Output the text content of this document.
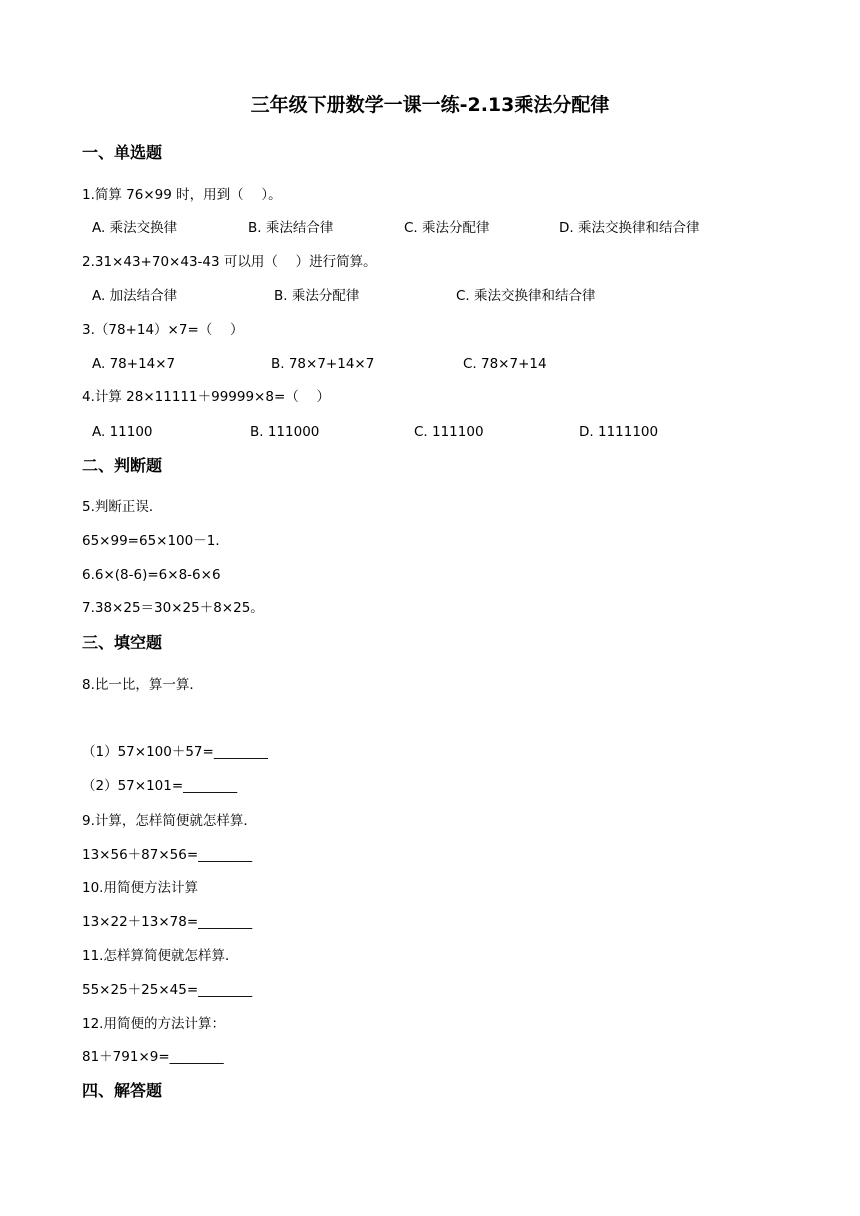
三年级下册数学一课一练-2.13乘法分配律
一、单选题
1.简算 76×99 时，用到（　 ）。
A. 乘法交换律	B. 乘法结合律	C. 乘法分配律	D. 乘法交换律和结合律
2.31×43+70×43-43 可以用（　 ）进行简算。
A. 加法结合律	B. 乘法分配律	C. 乘法交换律和结合律
3.（78+14）×7=（　 ）
A. 78+14×7	B. 78×7+14×7	C. 78×7+14
4.计算 28×11111＋99999×8=（　 ）
A. 11100	B. 111000	C. 111100	D. 1111100
二、判断题
5.判断正误．
65×99=65×100－1．
6.6×(8-6)=6×8-6×6
7.38×25＝30×25＋8×25。
三、填空题
8.比一比，算一算．
（1）57×100＋57=________
（2）57×101=________
9.计算，怎样简便就怎样算．
13×56＋87×56=________
10.用简便方法计算
13×22＋13×78=________
11.怎样算简便就怎样算．
55×25＋25×45=________
12.用简便的方法计算：
81＋791×9=________
四、解答题
